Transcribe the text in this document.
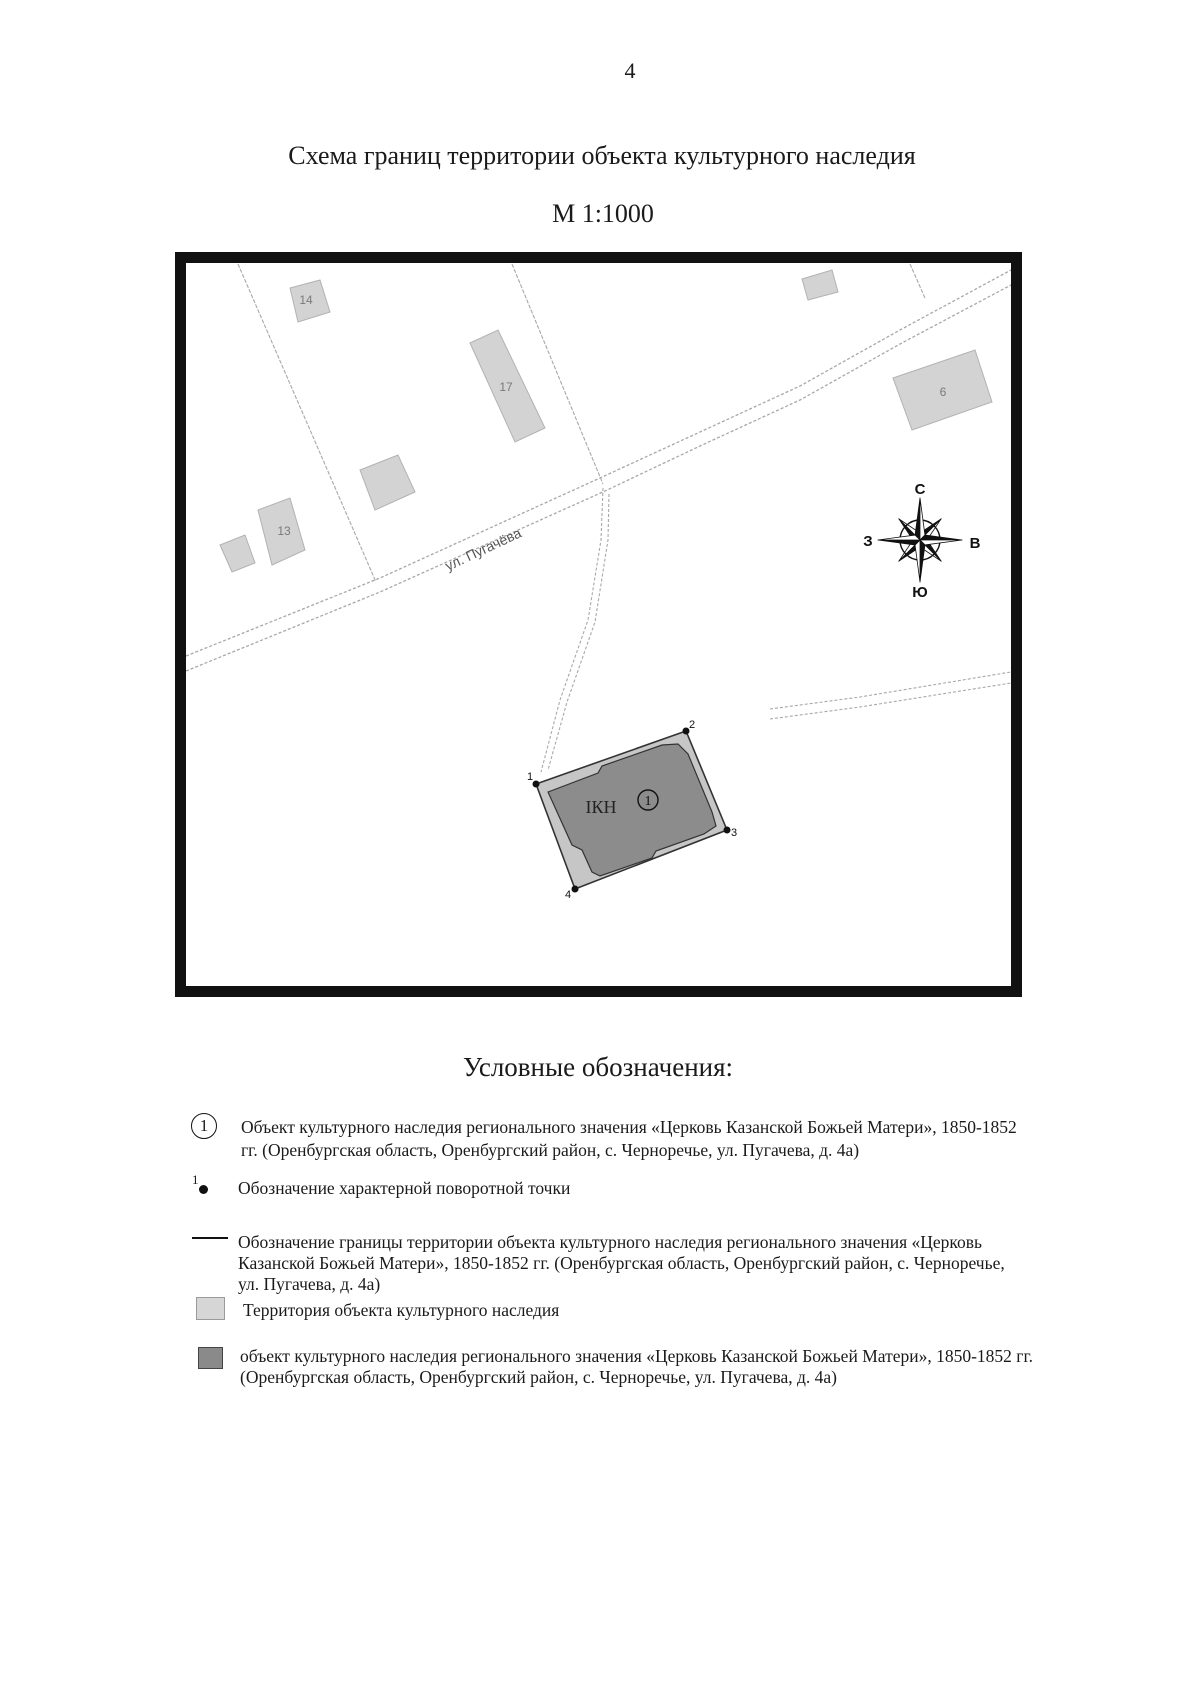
4
Схема границ территории объекта культурного наследия
М 1:1000
14
17
13
6
ул. Пугачёва
С
З	В
Ю
ІКН 1
1
2
3
4
Условные обозначения:
1	Объект культурного наследия регионального значения «Церковь Казанской Божьей Матери», 1850-1852
гг. (Оренбургская область, Оренбургский район, с. Черноречье, ул. Пугачева, д. 4а)
1 Обозначение характерной поворотной точки
Обозначение границы территории объекта культурного наследия регионального значения «Церковь
Казанской Божьей Матери», 1850-1852 гг. (Оренбургская область, Оренбургский район, с. Черноречье,
ул. Пугачева, д. 4а)
Территория объекта культурного наследия
объект культурного наследия регионального значения «Церковь Казанской Божьей Матери», 1850-1852 гг.
(Оренбургская область, Оренбургский район, с. Черноречье, ул. Пугачева, д. 4а)
